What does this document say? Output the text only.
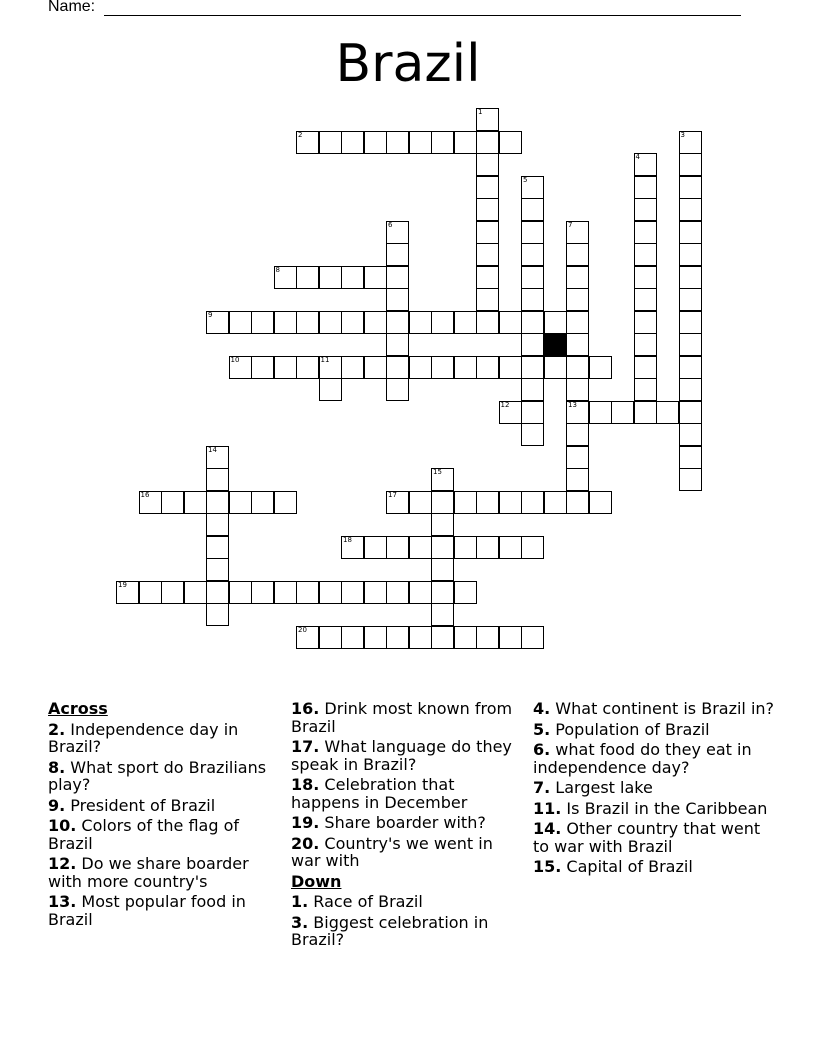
Name:
Brazil
1
2	3
4
5
6	7
13
8
9
10	11
12
14
15
16	17
18
19
20
Across
2. Independence day in Brazil?
8. What sport do Brazilians play?
9. President of Brazil
10. Colors of the flag of Brazil
12. Do we share boarder with more country's
13. Most popular food in Brazil
16. Drink most known from Brazil
17. What language do they speak in Brazil?
18. Celebration that happens in December
19. Share boarder with?
20. Country's we went in war with
Down
1. Race of Brazil
3. Biggest celebration in Brazil?
4. What continent is Brazil in?
5. Population of Brazil
6. what food do they eat in independence day?
7. Largest lake
11. Is Brazil in the Caribbean
14. Other country that went to war with Brazil
15. Capital of Brazil
